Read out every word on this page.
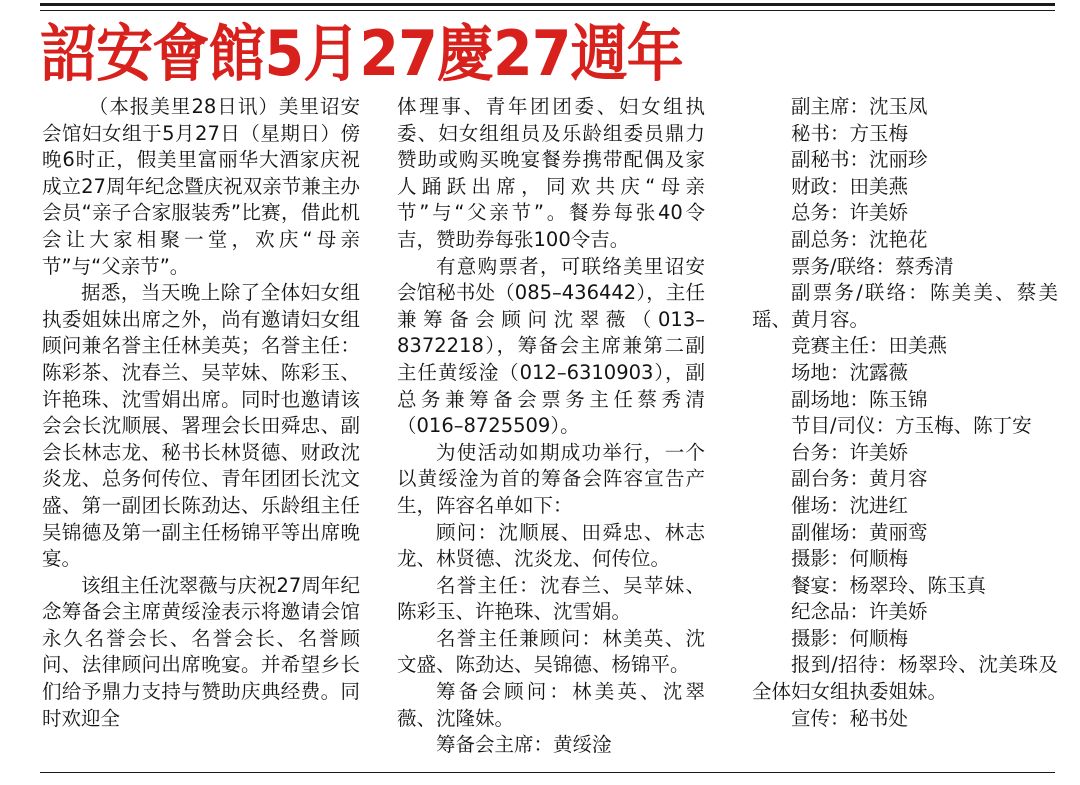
詔安會館5月27慶27週年

（本报美里28日讯）美里诏安会馆妇女组于5月27日（星期日）傍晚6时正，假美里富丽华大酒家庆祝成立27周年纪念暨庆祝双亲节兼主办会员“亲子合家服装秀”比赛，借此机会让大家相聚一堂，欢庆“母亲节”与“父亲节”。

据悉，当天晚上除了全体妇女组执委姐妹出席之外，尚有邀请妇女组顾问兼名誉主任林美英；名誉主任：陈彩茶、沈春兰、吴苹妹、陈彩玉、许艳珠、沈雪娟出席。同时也邀请该会会长沈顺展、署理会长田舜忠、副会长林志龙、秘书长林贤德、财政沈炎龙、总务何传位、青年团团长沈文盛、第一副团长陈劲达、乐龄组主任吴锦德及第一副主任杨锦平等出席晚宴。

该组主任沈翠薇与庆祝27周年纪念筹备会主席黄绥淦表示将邀请会馆永久名誉会长、名誉会长、名誉顾问、法律顾问出席晚宴。并希望乡长们给予鼎力支持与赞助庆典经费。同时欢迎全

体理事、青年团团委、妇女组执委、妇女组组员及乐龄组委员鼎力赞助或购买晚宴餐券携带配偶及家人踊跃出席，同欢共庆“母亲节”与“父亲节”。餐券每张40令吉，赞助券每张100令吉。

有意购票者，可联络美里诏安会馆秘书处（085–436442），主任兼筹备会顾问沈翠薇（013–8372218），筹备会主席兼第二副主任黄绥淦（012–6310903），副总务兼筹备会票务主任蔡秀清（016–8725509）。

为使活动如期成功举行，一个以黄绥淦为首的筹备会阵容宣告产生，阵容名单如下：

顾问：沈顺展、田舜忠、林志龙、林贤德、沈炎龙、何传位。

名誉主任：沈春兰、吴苹妹、陈彩玉、许艳珠、沈雪娟。

名誉主任兼顾问：林美英、沈文盛、陈劲达、吴锦德、杨锦平。

筹备会顾问：林美英、沈翠薇、沈隆妹。

筹备会主席：黄绥淦

副主席：沈玉凤
秘书：方玉梅
副秘书：沈丽珍
财政：田美燕
总务：许美娇
副总务：沈艳花
票务/联络：蔡秀清
副票务/联络：陈美美、蔡美瑶、黄月容。
竞赛主任：田美燕
场地：沈露薇
副场地：陈玉锦
节目/司仪：方玉梅、陈丁安
台务：许美娇
副台务：黄月容
催场：沈进红
副催场：黄丽鸾
摄影：何顺梅
餐宴：杨翠玲、陈玉真
纪念品：许美娇
摄影：何顺梅
报到/招待：杨翠玲、沈美珠及全体妇女组执委姐妹。
宣传：秘书处
